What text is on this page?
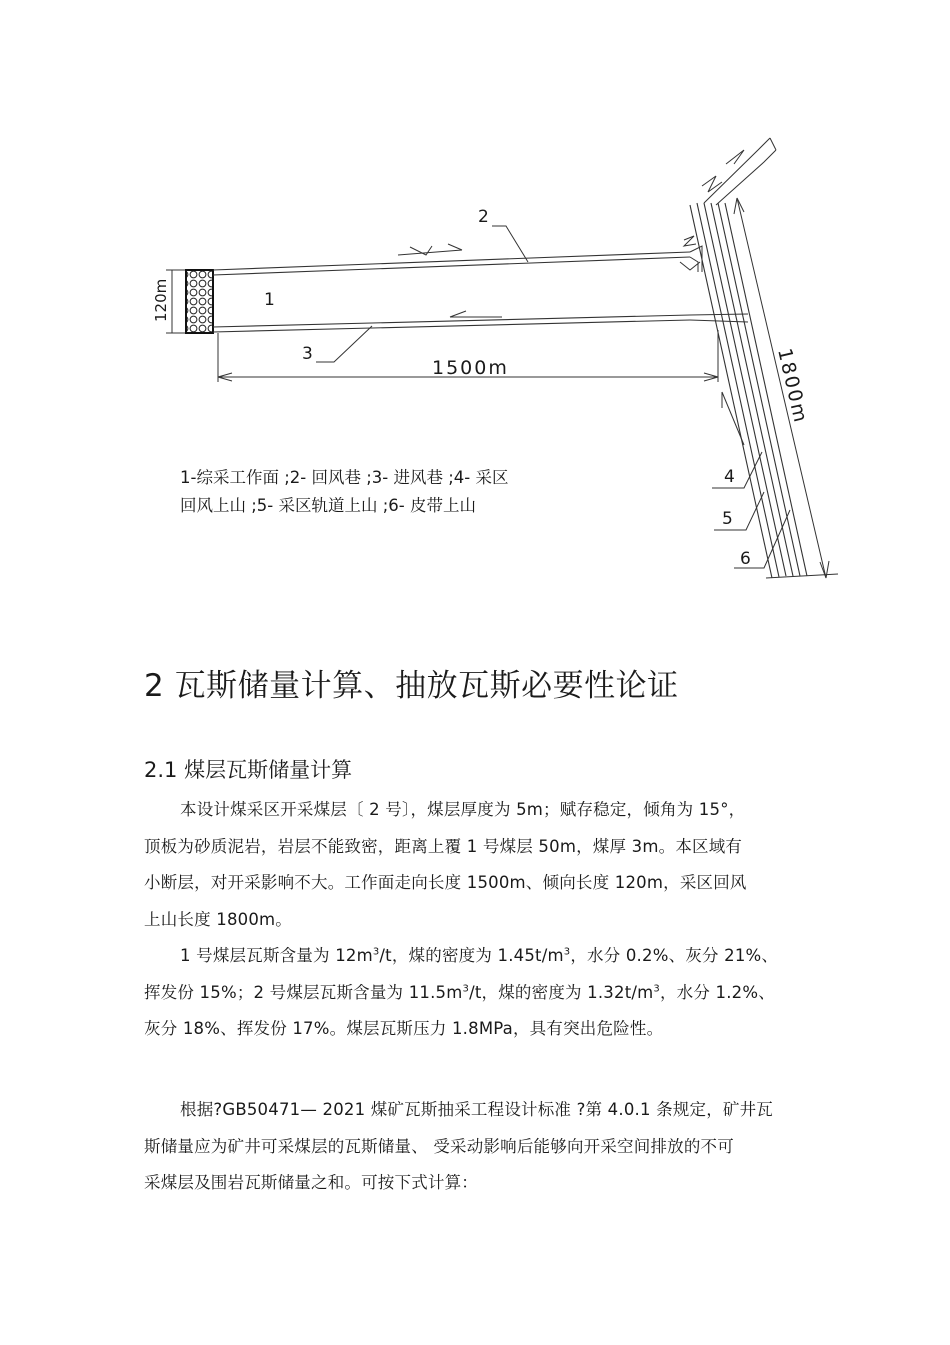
120m
1500m	1800m
1
2
3
4
5
6

1-综采工作面 ;2- 回风巷 ;3- 进风巷 ;4- 采区
回风上山 ;5- 采区轨道上山 ;6- 皮带上山

2 瓦斯储量计算、抽放瓦斯必要性论证
2.1 煤层瓦斯储量计算

本设计煤采区开采煤层〔 2 号〕，煤层厚度为 5m；赋存稳定，倾角为 15°，
顶板为砂质泥岩，岩层不能致密，距离上覆 1 号煤层 50m，煤厚 3m。本区域有
小断层，对开采影响不大。工作面走向长度 1500m、倾向长度 120m，采区回风
上山长度 1800m。

1 号煤层瓦斯含量为 $12m^3/t$，煤的密度为 $1.45t/m^3$，水分 0.2%、灰分 21%、
挥发份 15%；2 号煤层瓦斯含量为 $11.5m^3/t$，煤的密度为 $1.32t/m^3$，水分 1.2%、
灰分 18%、挥发份 17%。煤层瓦斯压力 1.8MPa，具有突出危险性。

根据?GB50471— 2021 煤矿瓦斯抽采工程设计标准 ?第 4.0.1 条规定，矿井瓦
斯储量应为矿井可采煤层的瓦斯储量、 受采动影响后能够向开采空间排放的不可
采煤层及围岩瓦斯储量之和。可按下式计算：
